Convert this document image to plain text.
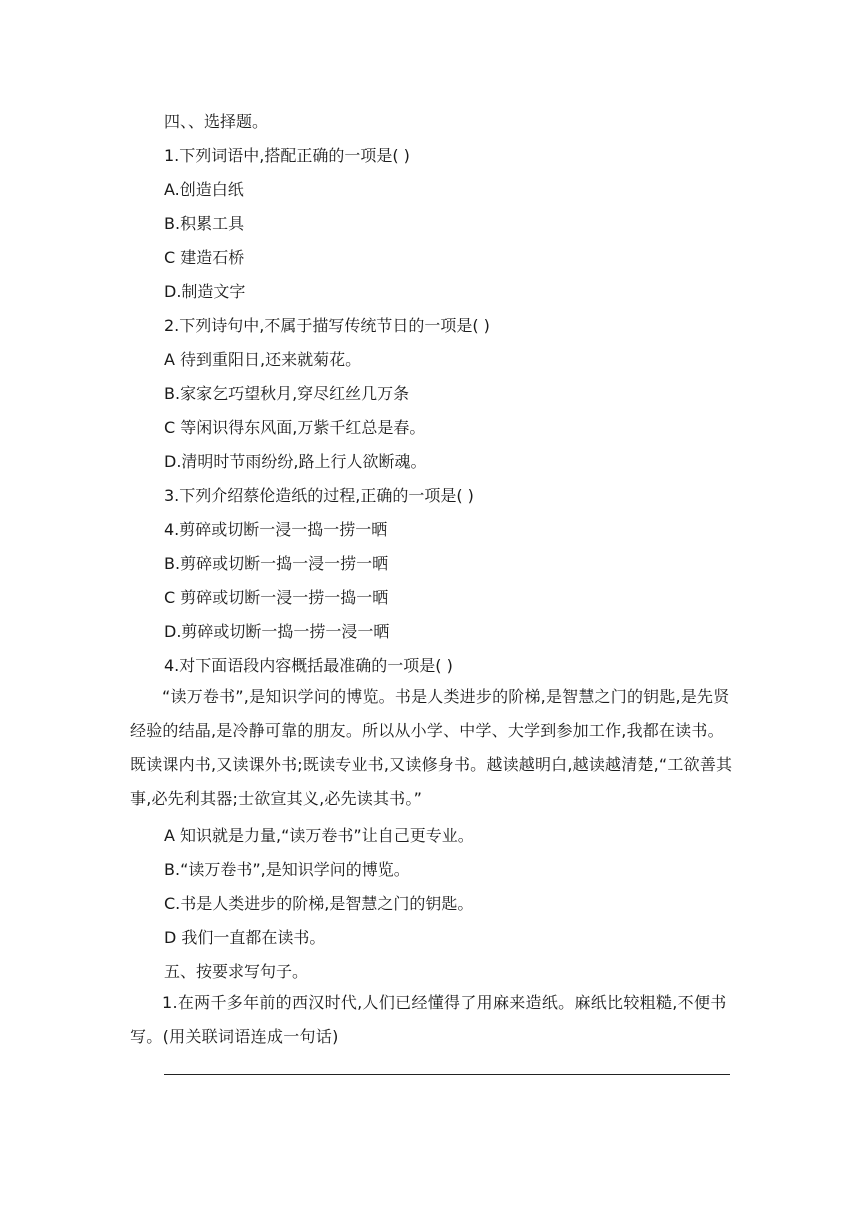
四、、选择题。
1.下列词语中,搭配正确的一项是( )
A.创造白纸
B.积累工具
C 建造石桥
D.制造文字
2.下列诗句中,不属于描写传统节日的一项是( )
A 待到重阳日,还来就菊花。
B.家家乞巧望秋月,穿尽红丝几万条
C 等闲识得东风面,万紫千红总是春。
D.清明时节雨纷纷,路上行人欲断魂。
3.下列介绍蔡伦造纸的过程,正确的一项是( )
4.剪碎或切断一浸一捣一捞一晒
B.剪碎或切断一捣一浸一捞一晒
C 剪碎或切断一浸一捞一捣一晒
D.剪碎或切断一捣一捞一浸一晒
4.对下面语段内容概括最准确的一项是( )
“读万卷书”,是知识学问的博览。书是人类进步的阶梯,是智慧之门的钥匙,是先贤经验的结晶,是冷静可靠的朋友。所以从小学、中学、大学到参加工作,我都在读书。既读课内书,又读课外书;既读专业书,又读修身书。越读越明白,越读越清楚,“工欲善其事,必先利其器;士欲宣其义,必先读其书。”
A 知识就是力量,“读万卷书”让自己更专业。
B.“读万卷书”,是知识学问的博览。
C.书是人类进步的阶梯,是智慧之门的钥匙。
D 我们一直都在读书。
五、按要求写句子。
1.在两千多年前的西汉时代,人们已经懂得了用麻来造纸。麻纸比较粗糙,不便书写。(用关联词语连成一句话)
